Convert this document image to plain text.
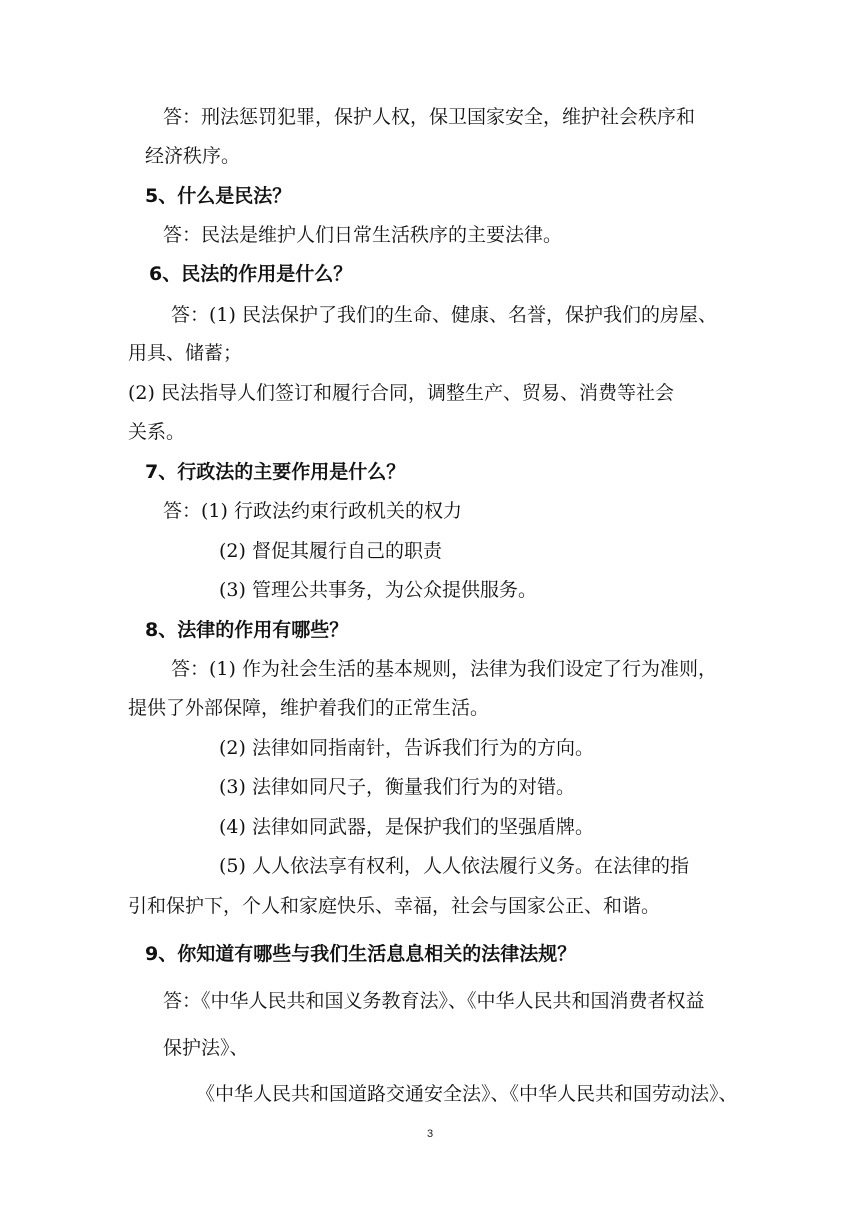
答：刑法惩罚犯罪，保护人权，保卫国家安全，维护社会秩序和
经济秩序。
5、什么是民法？
答：民法是维护人们日常生活秩序的主要法律。
6、民法的作用是什么？
答：(1) 民法保护了我们的生命、健康、名誉，保护我们的房屋、
用具、储蓄；
(2) 民法指导人们签订和履行合同，调整生产、贸易、消费等社会
关系。
7、行政法的主要作用是什么？
答：(1) 行政法约束行政机关的权力
(2) 督促其履行自己的职责
(3) 管理公共事务，为公众提供服务。
8、法律的作用有哪些？
答：(1) 作为社会生活的基本规则，法律为我们设定了行为准则，
提供了外部保障，维护着我们的正常生活。
(2) 法律如同指南针，告诉我们行为的方向。
(3) 法律如同尺子，衡量我们行为的对错。
(4) 法律如同武器，是保护我们的坚强盾牌。
(5) 人人依法享有权利，人人依法履行义务。在法律的指
引和保护下，个人和家庭快乐、幸福，社会与国家公正、和谐。
9、你知道有哪些与我们生活息息相关的法律法规？
答：《中华人民共和国义务教育法》、《中华人民共和国消费者权益
保护法》、
《中华人民共和国道路交通安全法》、《中华人民共和国劳动法》、
3
